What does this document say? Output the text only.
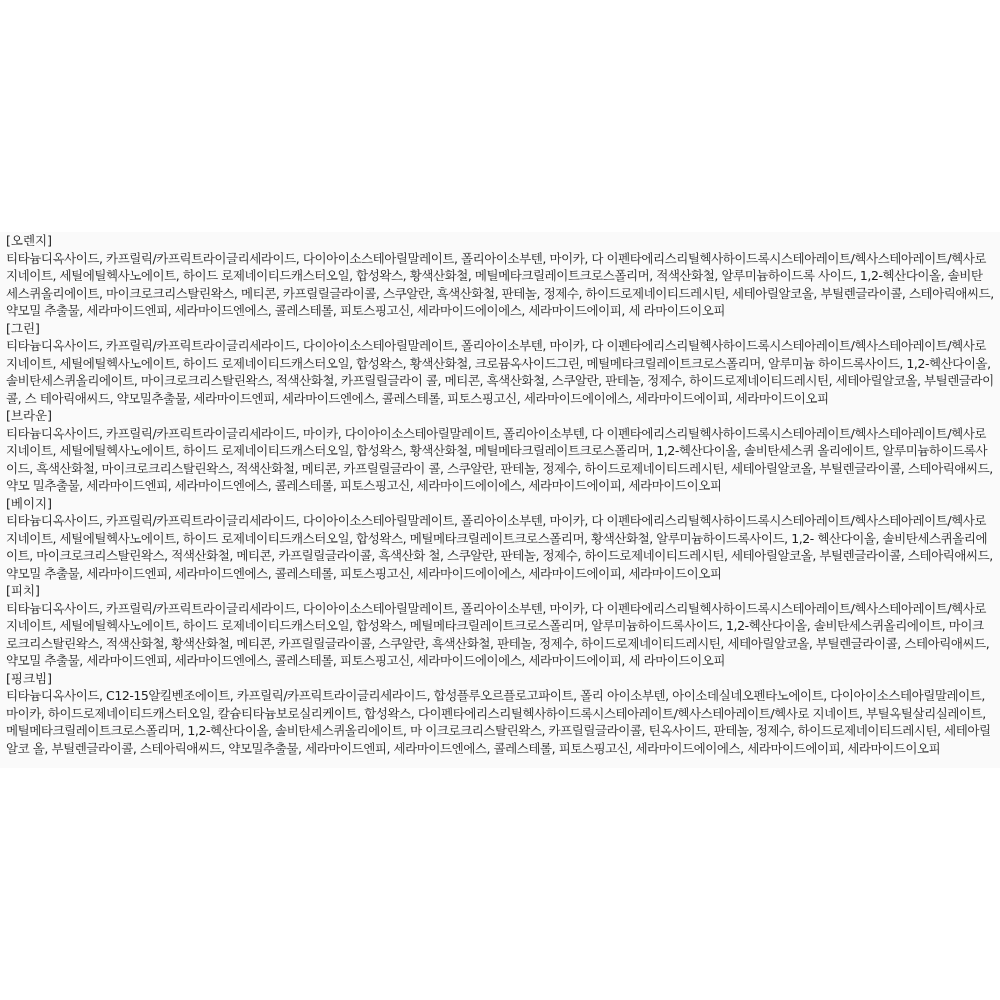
[오렌지]
티타늄디옥사이드, 카프릴릭/카프릭트라이글리세라이드, 다이아이소스테아릴말레이트, 폴리아이소부텐, 마이카, 다 이펜타에리스리틸헥사하이드록시스테아레이트/헥사스테아레이트/헥사로지네이트, 세틸에틸헥사노에이트, 하이드 로제네이티드캐스터오일, 합성왁스, 황색산화철, 메틸메타크릴레이트크로스폴리머, 적색산화철, 알루미늄하이드록 사이드, 1,2-헥산다이올, 솔비탄세스퀴올리에이트, 마이크로크리스탈린왁스, 메티콘, 카프릴릴글라이콜, 스쿠알란, 흑색산화철, 판테놀, 정제수, 하이드로제네이티드레시틴, 세테아릴알코올, 부틸렌글라이콜, 스테아릭애씨드, 약모밀 추출물, 세라마이드엔피, 세라마이드엔에스, 콜레스테롤, 피토스핑고신, 세라마이드에이에스, 세라마이드에이피, 세 라마이드이오피
[그린]
티타늄디옥사이드, 카프릴릭/카프릭트라이글리세라이드, 다이아이소스테아릴말레이트, 폴리아이소부텐, 마이카, 다 이펜타에리스리틸헥사하이드록시스테아레이트/헥사스테아레이트/헥사로지네이트, 세틸에틸헥사노에이트, 하이드 로제네이티드캐스터오일, 합성왁스, 황색산화철, 크로뮴옥사이드그린, 메틸메타크릴레이트크로스폴리머, 알루미늄 하이드록사이드, 1,2-헥산다이올, 솔비탄세스퀴올리에이트, 마이크로크리스탈린왁스, 적색산화철, 카프릴릴글라이 콜, 메티콘, 흑색산화철, 스쿠알란, 판테놀, 정제수, 하이드로제네이티드레시틴, 세테아릴알코올, 부틸렌글라이콜, 스 테아릭애씨드, 약모밀추출물, 세라마이드엔피, 세라마이드엔에스, 콜레스테롤, 피토스핑고신, 세라마이드에이에스, 세라마이드에이피, 세라마이드이오피
[브라운]
티타늄디옥사이드, 카프릴릭/카프릭트라이글리세라이드, 마이카, 다이아이소스테아릴말레이트, 폴리아이소부텐, 다 이펜타에리스리틸헥사하이드록시스테아레이트/헥사스테아레이트/헥사로지네이트, 세틸에틸헥사노에이트, 하이드 로제네이티드캐스터오일, 합성왁스, 황색산화철, 메틸메타크릴레이트크로스폴리머, 1,2-헥산다이올, 솔비탄세스퀴 올리에이트, 알루미늄하이드록사이드, 흑색산화철, 마이크로크리스탈린왁스, 적색산화철, 메티콘, 카프릴릴글라이 콜, 스쿠알란, 판테놀, 정제수, 하이드로제네이티드레시틴, 세테아릴알코올, 부틸렌글라이콜, 스테아릭애씨드, 약모 밀추출물, 세라마이드엔피, 세라마이드엔에스, 콜레스테롤, 피토스핑고신, 세라마이드에이에스, 세라마이드에이피, 세라마이드이오피
[베이지]
티타늄디옥사이드, 카프릴릭/카프릭트라이글리세라이드, 다이아이소스테아릴말레이트, 폴리아이소부텐, 마이카, 다 이펜타에리스리틸헥사하이드록시스테아레이트/헥사스테아레이트/헥사로지네이트, 세틸에틸헥사노에이트, 하이드 로제네이티드캐스터오일, 합성왁스, 메틸메타크릴레이트크로스폴리머, 황색산화철, 알루미늄하이드록사이드, 1,2- 헥산다이올, 솔비탄세스퀴올리에이트, 마이크로크리스탈린왁스, 적색산화철, 메티콘, 카프릴릴글라이콜, 흑색산화 철, 스쿠알란, 판테놀, 정제수, 하이드로제네이티드레시틴, 세테아릴알코올, 부틸렌글라이콜, 스테아릭애씨드, 약모밀 추출물, 세라마이드엔피, 세라마이드엔에스, 콜레스테롤, 피토스핑고신, 세라마이드에이에스, 세라마이드에이피, 세라마이드이오피
[피치]
티타늄디옥사이드, 카프릴릭/카프릭트라이글리세라이드, 다이아이소스테아릴말레이트, 폴리아이소부텐, 마이카, 다 이펜타에리스리틸헥사하이드록시스테아레이트/헥사스테아레이트/헥사로지네이트, 세틸에틸헥사노에이트, 하이드 로제네이티드캐스터오일, 합성왁스, 메틸메타크릴레이트크로스폴리머, 알루미늄하이드록사이드, 1,2-헥산다이올, 솔비탄세스퀴올리에이트, 마이크로크리스탈린왁스, 적색산화철, 황색산화철, 메티콘, 카프릴릴글라이콜, 스쿠알란, 흑색산화철, 판테놀, 정제수, 하이드로제네이티드레시틴, 세테아릴알코올, 부틸렌글라이콜, 스테아릭애씨드, 약모밀 추출물, 세라마이드엔피, 세라마이드엔에스, 콜레스테롤, 피토스핑고신, 세라마이드에이에스, 세라마이드에이피, 세 라마이드이오피
[핑크빔]
티타늄디옥사이드, C12-15알킬벤조에이트, 카프릴릭/카프릭트라이글리세라이드, 합성플루오르플로고파이트, 폴리 아이소부텐, 아이소데실네오펜타노에이트, 다이아이소스테아릴말레이트, 마이카, 하이드로제네이티드캐스터오일, 칼슘티타늄보로실리케이트, 합성왁스, 다이펜타에리스리틸헥사하이드록시스테아레이트/헥사스테아레이트/헥사로 지네이트, 부틸옥틸살리실레이트, 메틸메타크릴레이트크로스폴리머, 1,2-헥산다이올, 솔비탄세스퀴올리에이트, 마 이크로크리스탈린왁스, 카프릴릴글라이콜, 틴옥사이드, 판테놀, 정제수, 하이드로제네이티드레시틴, 세테아릴알코 올, 부틸렌글라이콜, 스테아릭애씨드, 약모밀추출물, 세라마이드엔피, 세라마이드엔에스, 콜레스테롤, 피토스핑고신, 세라마이드에이에스, 세라마이드에이피, 세라마이드이오피
